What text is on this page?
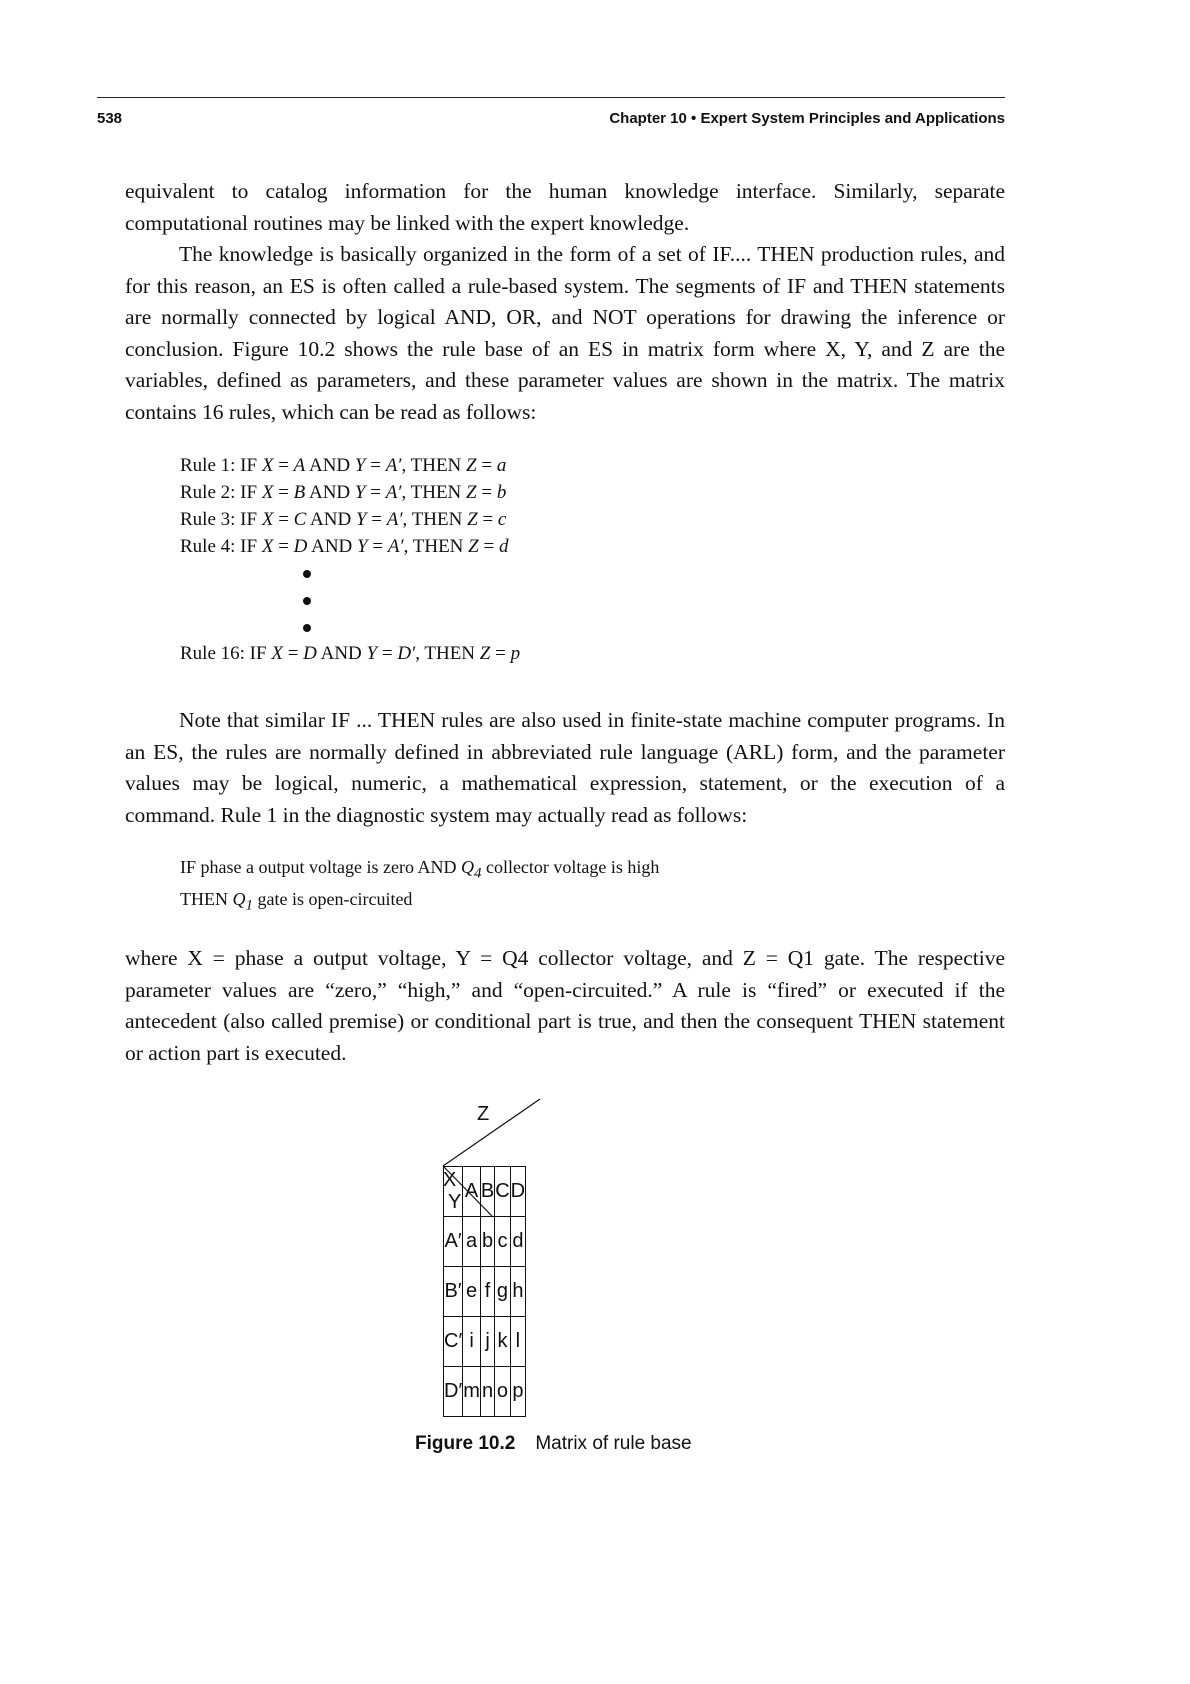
538	Chapter 10 • Expert System Principles and Applications

equivalent to catalog information for the human knowledge interface. Similarly, separate computational routines may be linked with the expert knowledge.

The knowledge is basically organized in the form of a set of IF.... THEN production rules, and for this reason, an ES is often called a rule-based system. The segments of IF and THEN statements are normally connected by logical AND, OR, and NOT operations for drawing the inference or conclusion. Figure 10.2 shows the rule base of an ES in matrix form where X, Y, and Z are the variables, defined as parameters, and these parameter values are shown in the matrix. The matrix contains 16 rules, which can be read as follows:

Rule 1: IF X = A AND Y = A′, THEN Z = a
Rule 2: IF X = B AND Y = A′, THEN Z = b
Rule 3: IF X = C AND Y = A′, THEN Z = c
Rule 4: IF X = D AND Y = A′, THEN Z = d
Rule 16: IF X = D AND Y = D′, THEN Z = p
Note that similar IF ... THEN rules are also used in finite-state machine computer programs. In an ES, the rules are normally defined in abbreviated rule language (ARL) form, and the parameter values may be logical, numeric, a mathematical expression, statement, or the execution of a command. Rule 1 in the diagnostic system may actually read as follows:
IF phase a output voltage is zero AND $Q_4$ collector voltage is high
THEN $Q_1$ gate is open-circuited
where X = phase a output voltage, Y = Q4 collector voltage, and Z = Q1 gate. The respective parameter values are “zero,” “high,” and “open-circuited.” A rule is “fired” or executed if the antecedent (also called premise) or conditional part is true, and then the consequent THEN statement or action part is executed.
Z
X
Y	A	B	C	D
A′	a	b	c	d
B′	e	f	g	h
C′	i	j	k	l
D′	m	n	o	p
Figure 10.2 Matrix of rule base
